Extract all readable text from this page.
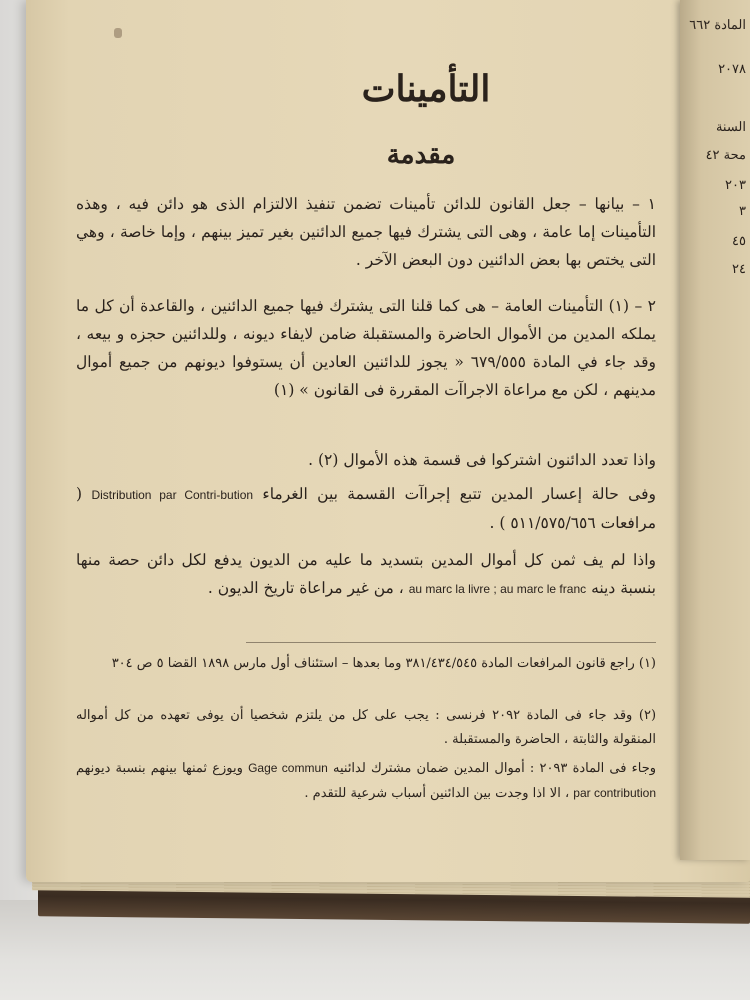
التأمينات
مقدمة

١ – بيانها – جعل القانون للدائن تأمينات تضمن تنفيذ الالتزام الذى هو دائن فيه ، وهذه التأمينات إما عامة ، وهى التى يشترك فيها جميع الدائنين بغير تميز بينهم ، وإما خاصة ، وهي التى يختص بها بعض الدائنين دون البعض الآخر .

٢ – (١) التأمينات العامة – هى كما قلنا التى يشترك فيها جميع الدائنين ، والقاعدة أن كل ما يملكه المدين من الأموال الحاضرة والمستقبلة ضامن لايفاء ديونه ، وللدائنين حجزه و بيعه ، وقد جاء في المادة ٦٧٩/٥٥٥ « يجوز للدائنين العادين أن يستوفوا ديونهم من جميع أموال مدينهم ، لكن مع مراعاة الاجراآت المقررة فى القانون » (١)

واذا تعدد الدائنون اشتركوا فى قسمة هذه الأموال (٢) .

وفى حالة إعسار المدين تتبع إجراآت القسمة بين الغرماء Distribution par Contri-bution ( مرافعات ٥١١/٥٧٥/٦٥٦ ) .

واذا لم يف ثمن كل أموال المدين بتسديد ما عليه من الديون يدفع لكل دائن حصة منها بنسبة دينه au marc la livre ; au marc le franc ، من غير مراعاة تاريخ الديون .

(١) راجع قانون المرافعات المادة ٣٨١/٤٣٤/٥٤٥ وما بعدها – استئناف أول مارس ١٨٩٨ القضا ٥ ص ٣٠٤

(٢) وقد جاء فى المادة ٢٠٩٢ فرنسى : يجب على كل من يلتزم شخصيا أن يوفى تعهده من كل أمواله المنقولة والثابتة ، الحاضرة والمستقبلة .

وجاء فى المادة ٢٠٩٣ : أموال المدين ضمان مشترك لدائنيه Gage commun ويوزع ثمنها بينهم بنسبة ديونهم par contribution ، الا اذا وجدت بين الدائنين أسباب شرعية للتقدم .

المادة ٦٦٢
٢٠٧٨
السنة
محة ٤٢
٢٠٣
٣
٤٥
٢٤
